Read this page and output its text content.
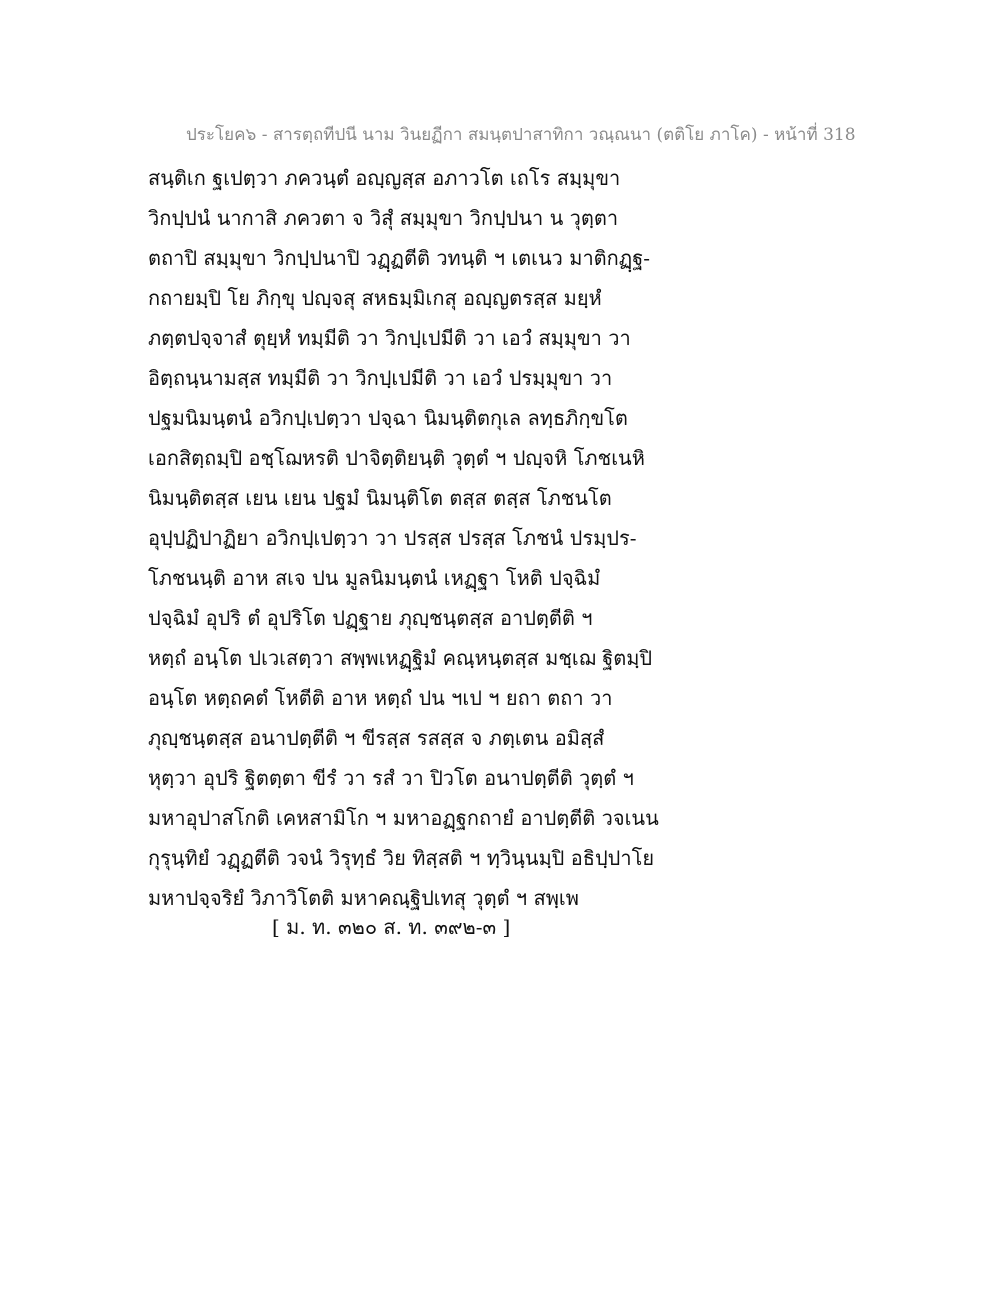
ประโยค๖ - สารตฺถทีปนี นาม วินยฏีกา สมนฺตปาสาทิกา วณฺณนา (ตติโย ภาโค) - หน้าที่ 318
สนฺติเก ฐเปตฺวา ภควนฺตํ อญฺญสฺส อภาวโต เถโร สมฺมุขา
วิกปฺปนํ นากาสิ ภควตา จ วิสุํ สมฺมุขา วิกปฺปนา น วุตฺตา
ตถาปิ สมฺมุขา วิกปฺปนาปิ วฏฺฏตีติ วทนฺติ ฯ เตเนว มาติกฏฺฐ-
กถายมฺปิ โย ภิกฺขุ ปญฺจสุ สหธมฺมิเกสุ อญฺญตรสฺส มยฺหํ
ภตฺตปจฺจาสํ ตุยฺหํ ทมฺมีติ วา วิกปฺเปมีติ วา เอวํ สมฺมุขา วา
อิตฺถนฺนามสฺส ทมฺมีติ วา วิกปฺเปมีติ วา เอวํ ปรมฺมุขา วา
ปฐมนิมนฺตนํ อวิกปฺเปตฺวา ปจฺฉา นิมนฺติตกุเล ลทฺธภิกฺขโต
เอกสิตฺถมฺปิ อชฺโฌหรติ ปาจิตฺติยนฺติ วุตฺตํ ฯ ปญฺจหิ โภชเนหิ
นิมนฺติตสฺส เยน เยน ปฐมํ นิมนฺติโต ตสฺส ตสฺส โภชนโต
อุปฺปฏิปาฏิยา อวิกปฺเปตฺวา วา ปรสฺส ปรสฺส โภชนํ ปรมฺปร-
โภชนนฺติ อาห สเจ ปน มูลนิมนฺตนํ เหฏฺฐา โหติ ปจฺฉิมํ
ปจฺฉิมํ อุปริ ตํ อุปริโต ปฏฺฐาย ภุญฺชนฺตสฺส อาปตฺตีติ ฯ
หตฺถํ อนฺโต ปเวเสตฺวา สพฺพเหฏฺฐิมํ คณฺหนฺตสฺส มชฺเฌ ฐิตมฺปิ
อนฺโต หตฺถคตํ โหตีติ อาห หตฺถํ ปน ฯเป ฯ ยถา ตถา วา
ภุญฺชนฺตสฺส อนาปตฺตีติ ฯ ขีรสฺส รสสฺส จ ภตฺเตน อมิสฺสํ
หุตฺวา อุปริ ฐิตตฺตา ขีรํ วา รสํ วา ปิวโต อนาปตฺตีติ วุตฺตํ ฯ
มหาอุปาสโกติ เคหสามิโก ฯ มหาอฏฺฐกถายํ อาปตฺตีติ วจเนน
กุรุนฺทิยํ วฏฺฏตีติ วจนํ วิรุทฺธํ วิย ทิสฺสติ ฯ ทฺวินฺนมฺปิ อธิปฺปาโย
มหาปจฺจริยํ วิภาวิโตติ มหาคณฺฐิปเทสุ วุตฺตํ ฯ สพฺเพ
[ ม. ท. ๓๒๐ ส. ท. ๓๙๒-๓ ]
